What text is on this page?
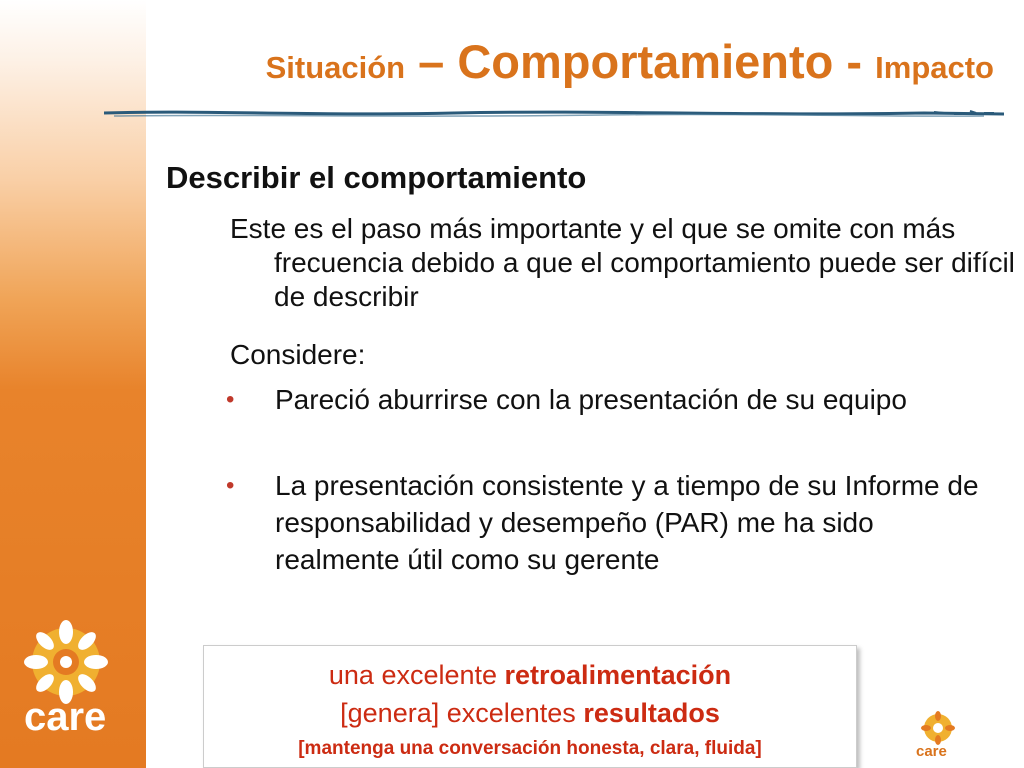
care
Situación – Comportamiento - Impacto
Describir el comportamiento
Este es el paso más importante y el que se omite con más frecuencia debido a que el comportamiento puede ser difícil de describir
Considere:
• Pareció aburrirse con la presentación de su equipo
• La presentación consistente y a tiempo de su Informe de responsabilidad y desempeño (PAR) me ha sido realmente útil como su gerente
una excelente retroalimentación
[genera] excelentes resultados
[mantenga una conversación honesta, clara, fluida]	care
